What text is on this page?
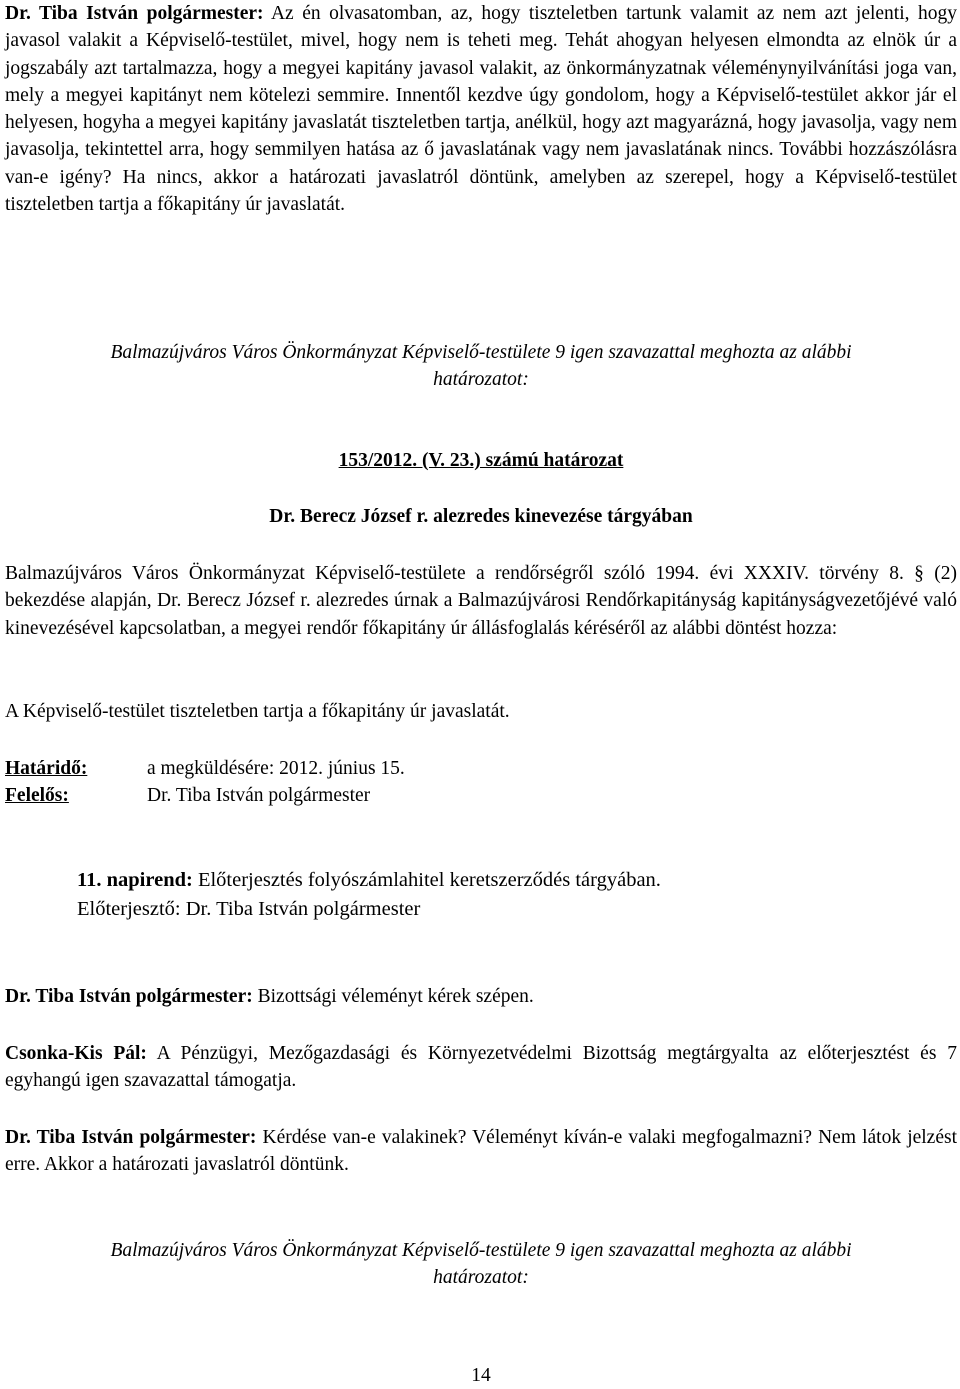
Dr. Tiba István polgármester: Az én olvasatomban, az, hogy tiszteletben tartunk valamit az nem azt jelenti, hogy javasol valakit a Képviselő-testület, mivel, hogy nem is teheti meg. Tehát ahogyan helyesen elmondta az elnök úr a jogszabály azt tartalmazza, hogy a megyei kapitány javasol valakit, az önkormányzatnak véleménynyilvánítási joga van, mely a megyei kapitányt nem kötelezi semmire. Innentől kezdve úgy gondolom, hogy a Képviselő-testület akkor jár el helyesen, hogyha a megyei kapitány javaslatát tiszteletben tartja, anélkül, hogy azt magyarázná, hogy javasolja, vagy nem javasolja, tekintettel arra, hogy semmilyen hatása az ő javaslatának vagy nem javaslatának nincs. További hozzászólásra van-e igény? Ha nincs, akkor a határozati javaslatról döntünk, amelyben az szerepel, hogy a Képviselő-testület tiszteletben tartja a főkapitány úr javaslatát.

Balmazújváros Város Önkormányzat Képviselő-testülete 9 igen szavazattal meghozta az alábbi
határozatot:
153/2012. (V. 23.) számú határozat
Dr. Berecz József r. alezredes kinevezése tárgyában

Balmazújváros Város Önkormányzat Képviselő-testülete a rendőrségről szóló 1994. évi XXXIV. törvény 8. § (2) bekezdése alapján, Dr. Berecz József r. alezredes úrnak a Balmazújvárosi Rendőrkapitányság kapitányságvezetőjévé való kinevezésével kapcsolatban, a megyei rendőr főkapitány úr állásfoglalás kéréséről az alábbi döntést hozza:

A Képviselő-testület tiszteletben tartja a főkapitány úr javaslatát.

Határidő:	a megküldésére: 2012. június 15.
Felelős:	Dr. Tiba István polgármester
11. napirend: Előterjesztés folyószámlahitel keretszerződés tárgyában.
Előterjesztő: Dr. Tiba István polgármester

Dr. Tiba István polgármester: Bizottsági véleményt kérek szépen.

Csonka-Kis Pál: A Pénzügyi, Mezőgazdasági és Környezetvédelmi Bizottság megtárgyalta az előterjesztést és 7 egyhangú igen szavazattal támogatja.

Dr. Tiba István polgármester: Kérdése van-e valakinek? Véleményt kíván-e valaki megfogalmazni? Nem látok jelzést erre. Akkor a határozati javaslatról döntünk.

Balmazújváros Város Önkormányzat Képviselő-testülete 9 igen szavazattal meghozta az alábbi
határozatot:
14
